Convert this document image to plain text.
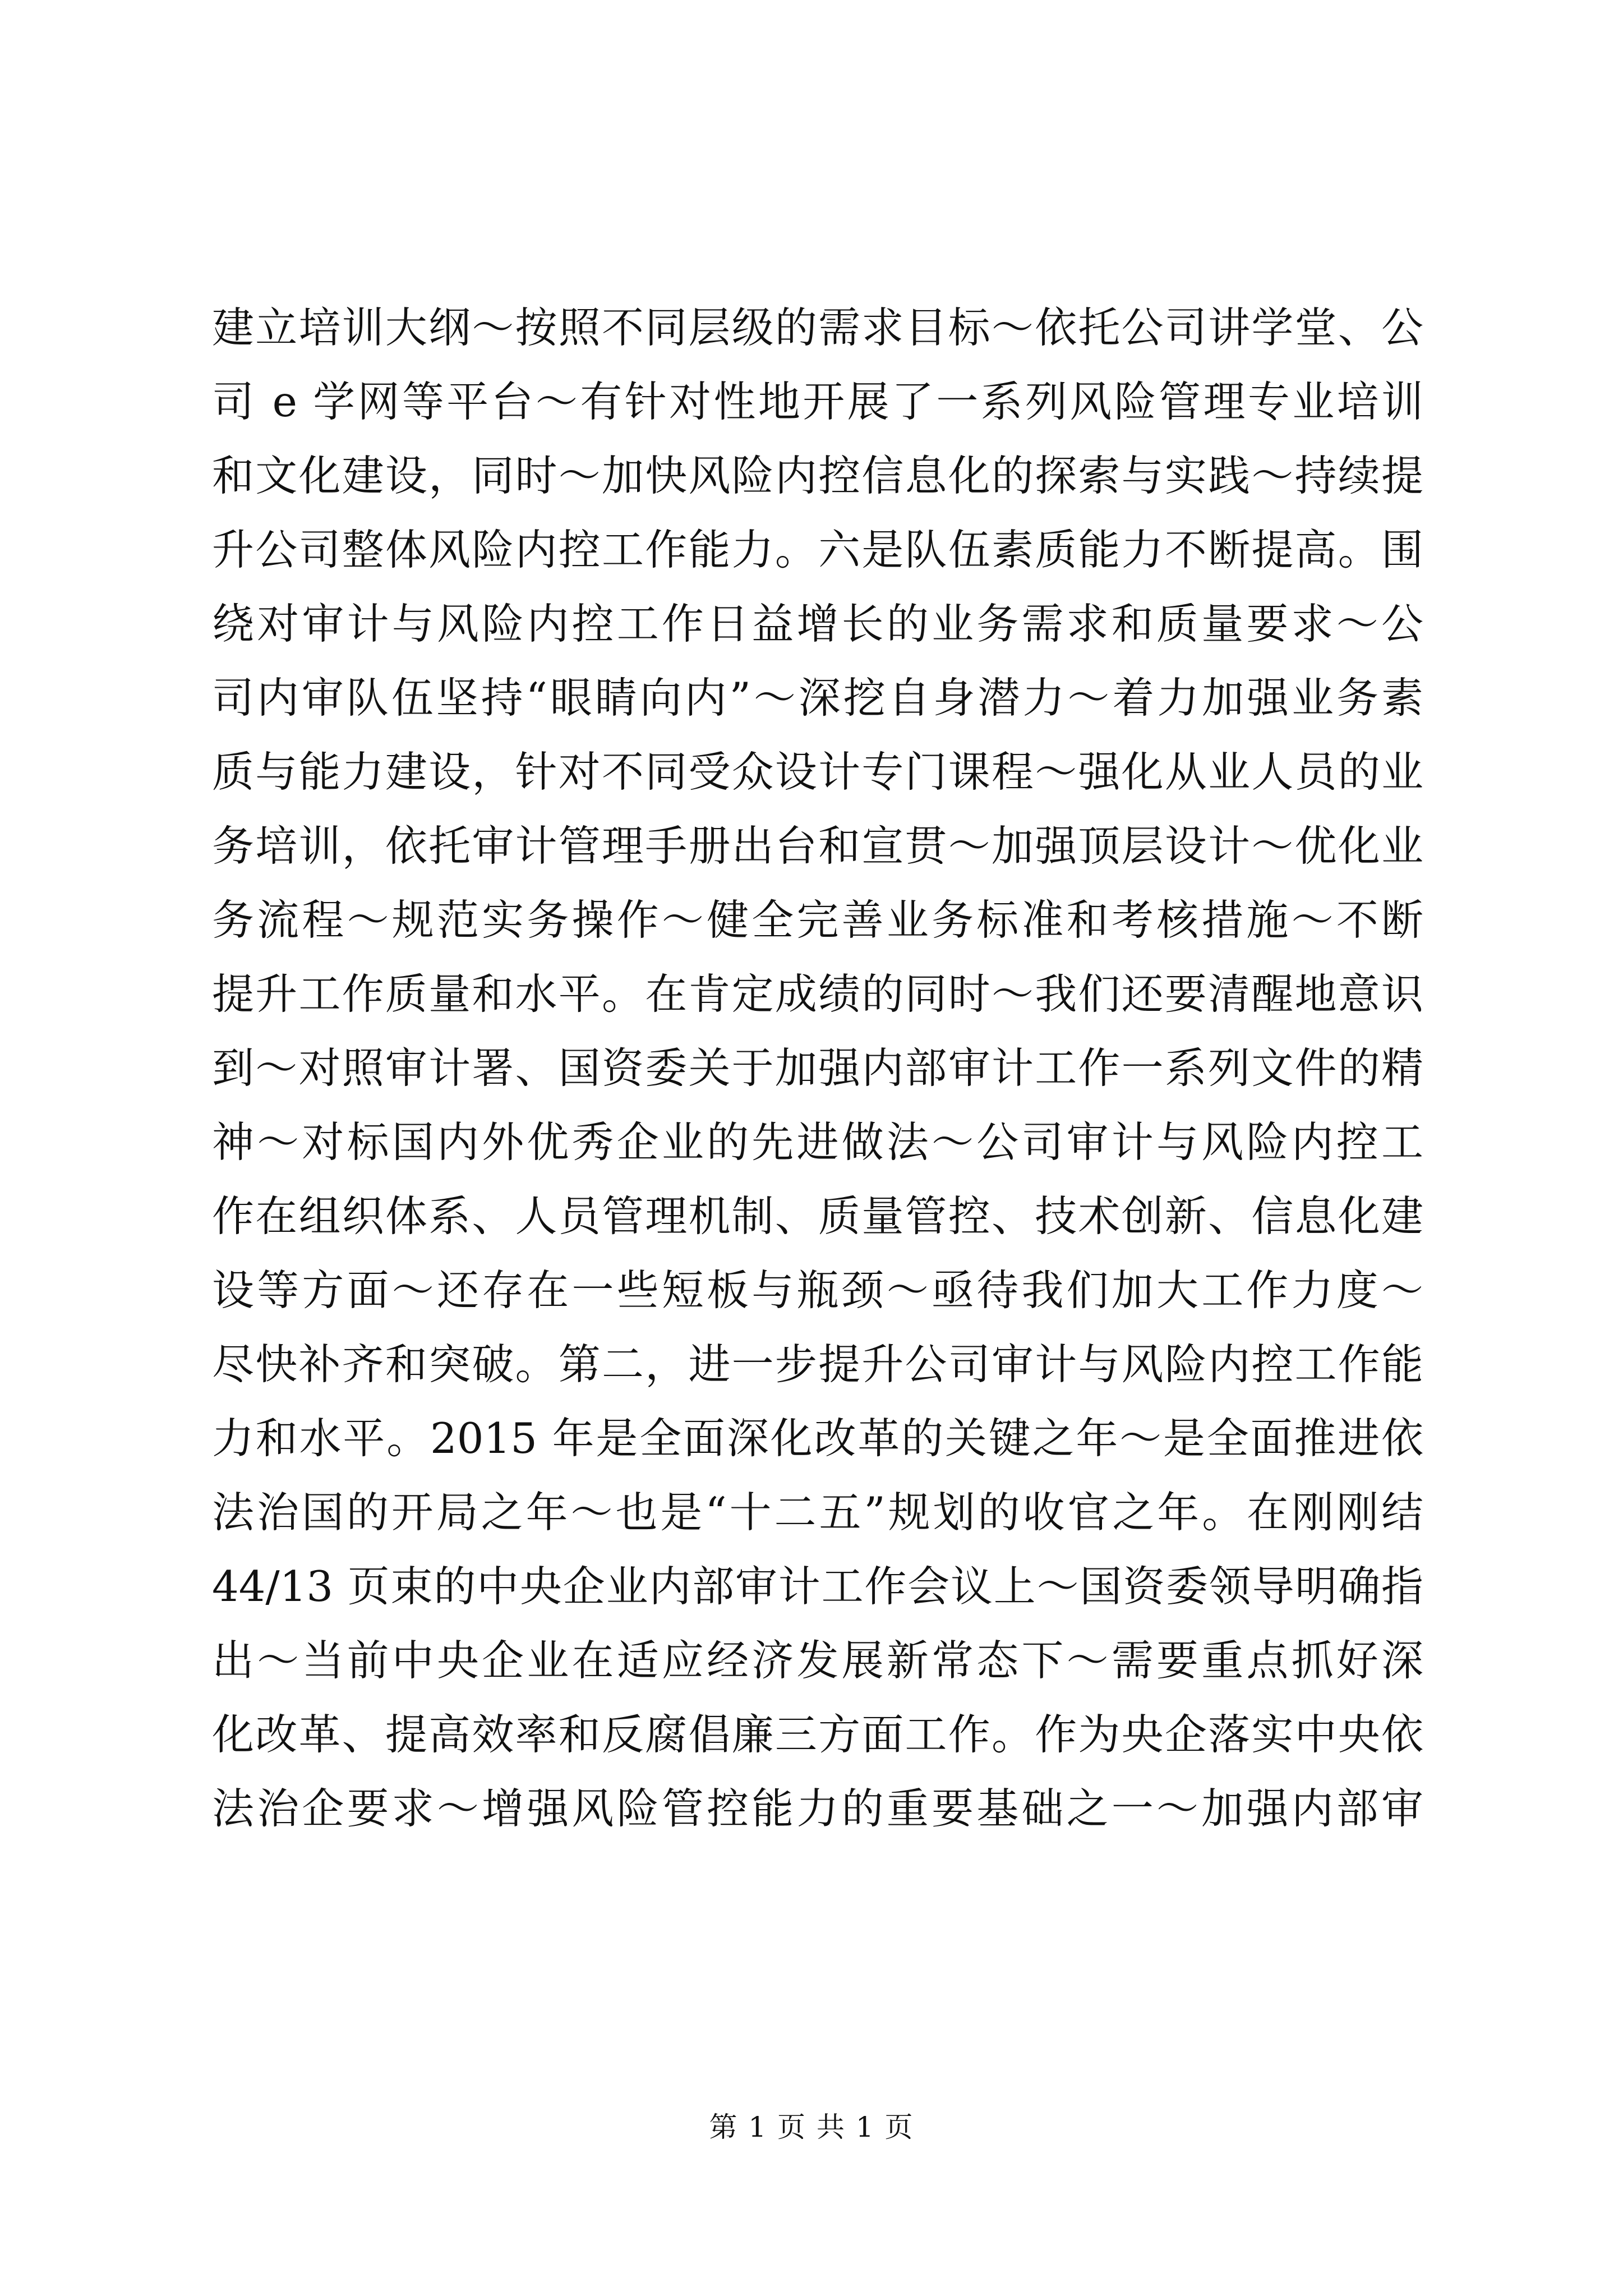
建立培训大纲～按照不同层级的需求目标～依托公司讲学堂、公
司 e 学网等平台～有针对性地开展了一系列风险管理专业培训
和文化建设，同时～加快风险内控信息化的探索与实践～持续提
升公司整体风险内控工作能力。六是队伍素质能力不断提高。围
绕对审计与风险内控工作日益增长的业务需求和质量要求～公
司内审队伍坚持“眼睛向内”～深挖自身潜力～着力加强业务素
质与能力建设，针对不同受众设计专门课程～强化从业人员的业
务培训，依托审计管理手册出台和宣贯～加强顶层设计～优化业
务流程～规范实务操作～健全完善业务标准和考核措施～不断
提升工作质量和水平。在肯定成绩的同时～我们还要清醒地意识
到～对照审计署、国资委关于加强内部审计工作一系列文件的精
神～对标国内外优秀企业的先进做法～公司审计与风险内控工
作在组织体系、人员管理机制、质量管控、技术创新、信息化建
设等方面～还存在一些短板与瓶颈～亟待我们加大工作力度～
尽快补齐和突破。第二，进一步提升公司审计与风险内控工作能
力和水平。2015 年是全面深化改革的关键之年～是全面推进依
法治国的开局之年～也是“十二五”规划的收官之年。在刚刚结
44/13 页束的中央企业内部审计工作会议上～国资委领导明确指
出～当前中央企业在适应经济发展新常态下～需要重点抓好深
化改革、提高效率和反腐倡廉三方面工作。作为央企落实中央依
法治企要求～增强风险管控能力的重要基础之一～加强内部审
第 1 页 共 1 页
